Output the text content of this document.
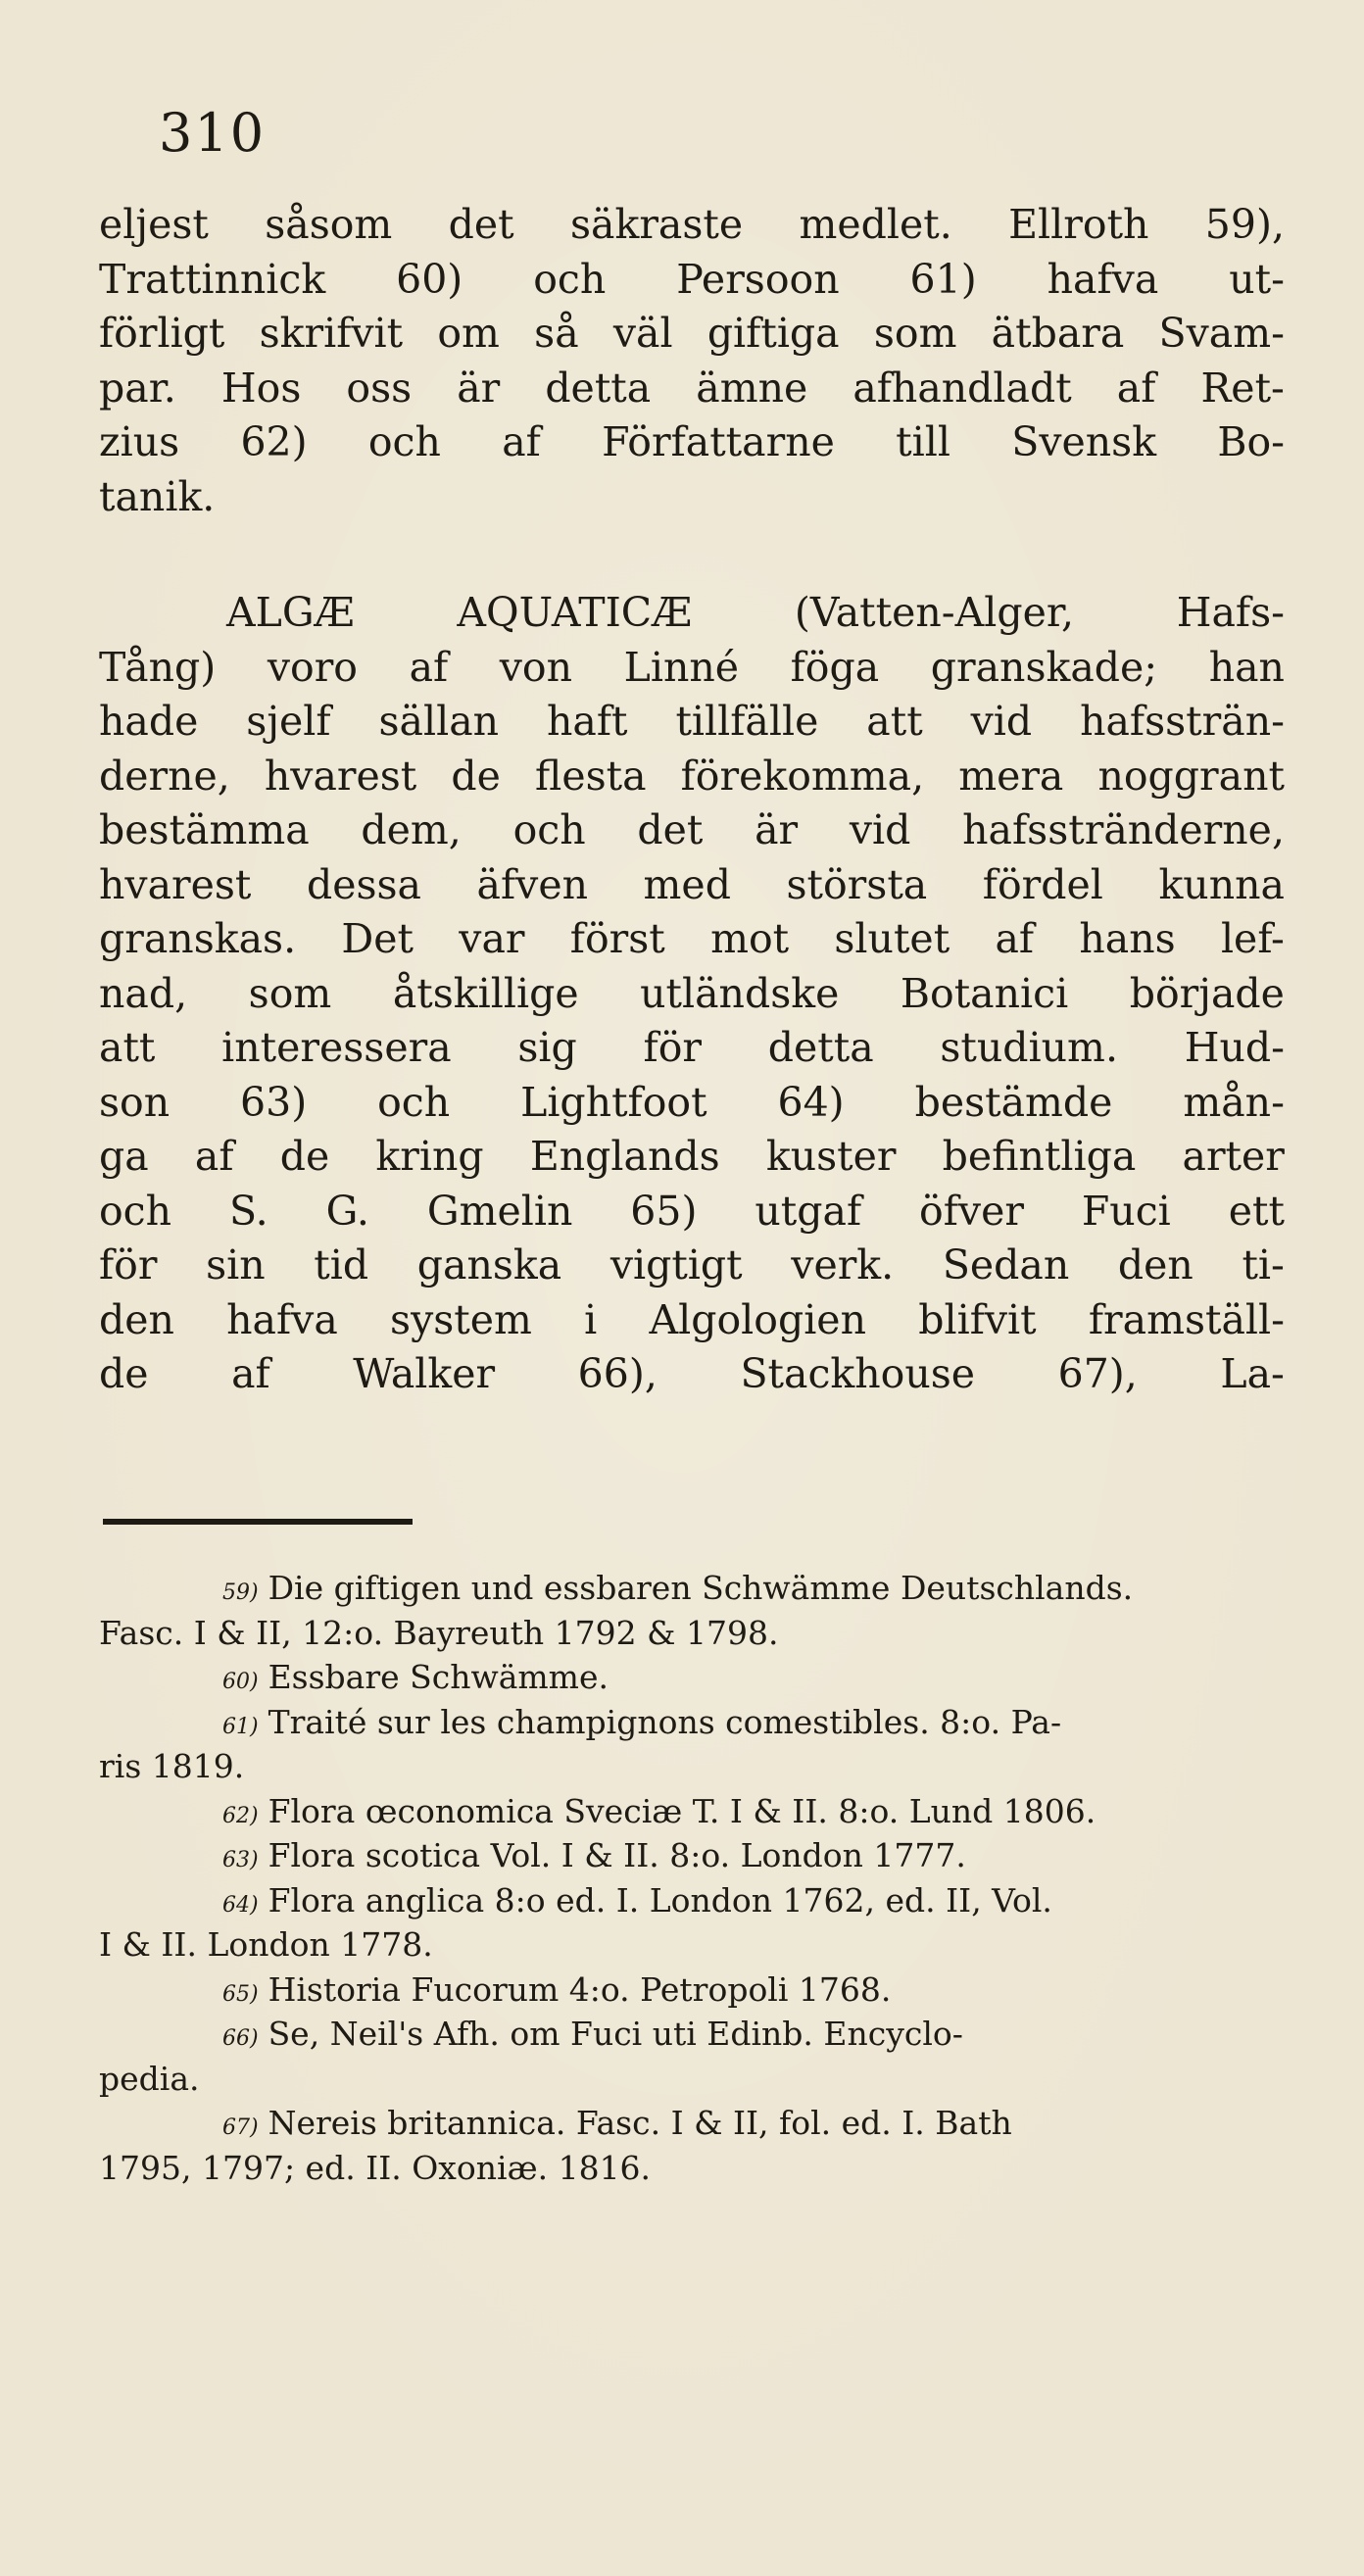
310
eljest såsom det säkraste medlet. Ellroth 59),
Trattinnick 60) och Persoon 61) hafva ut-
förligt skrifvit om så väl giftiga som ätbara Svam-
par. Hos oss är detta ämne afhandladt af Ret-
zius 62) och af Författarne till Svensk Bo-
tanik.
ALGÆ	AQUATICÆ	(Vatten-Alger,	Hafs-
Tång) voro af von Linné föga granskade; han
hade sjelf sällan haft tillfälle att vid hafssträn-
derne, hvarest de flesta förekomma, mera noggrant
bestämma dem, och det är vid hafsstränderne,
hvarest dessa äfven med största fördel kunna
granskas. Det var först mot slutet af hans lef-
nad, som åtskillige utländske Botanici började
att interessera sig för detta studium. Hud-
son 63) och Lightfoot 64) bestämde mån-
ga af de kring Englands kuster befintliga arter
och S. G. Gmelin 65) utgaf öfver Fuci ett
för sin tid ganska vigtigt verk. Sedan den ti-
den hafva system i Algologien blifvit framställ-
de af Walker 66), Stackhouse 67), La-
59) Die giftigen und essbaren Schwämme Deutschlands.
Fasc. I & II, 12:o. Bayreuth 1792 & 1798.
60) Essbare Schwämme.
61) Traité sur les champignons comestibles. 8:o. Pa-
ris 1819.
62) Flora œconomica Sveciæ T. I & II. 8:o. Lund 1806.
63) Flora scotica Vol. I & II. 8:o. London 1777.
64) Flora anglica 8:o ed. I. London 1762, ed. II, Vol.
I & II. London 1778.
65) Historia Fucorum 4:o. Petropoli 1768.
66) Se, Neil's Afh. om Fuci uti Edinb. Encyclo-
pedia.
67) Nereis britannica. Fasc. I & II, fol. ed. I. Bath
1795, 1797; ed. II. Oxoniæ. 1816.
